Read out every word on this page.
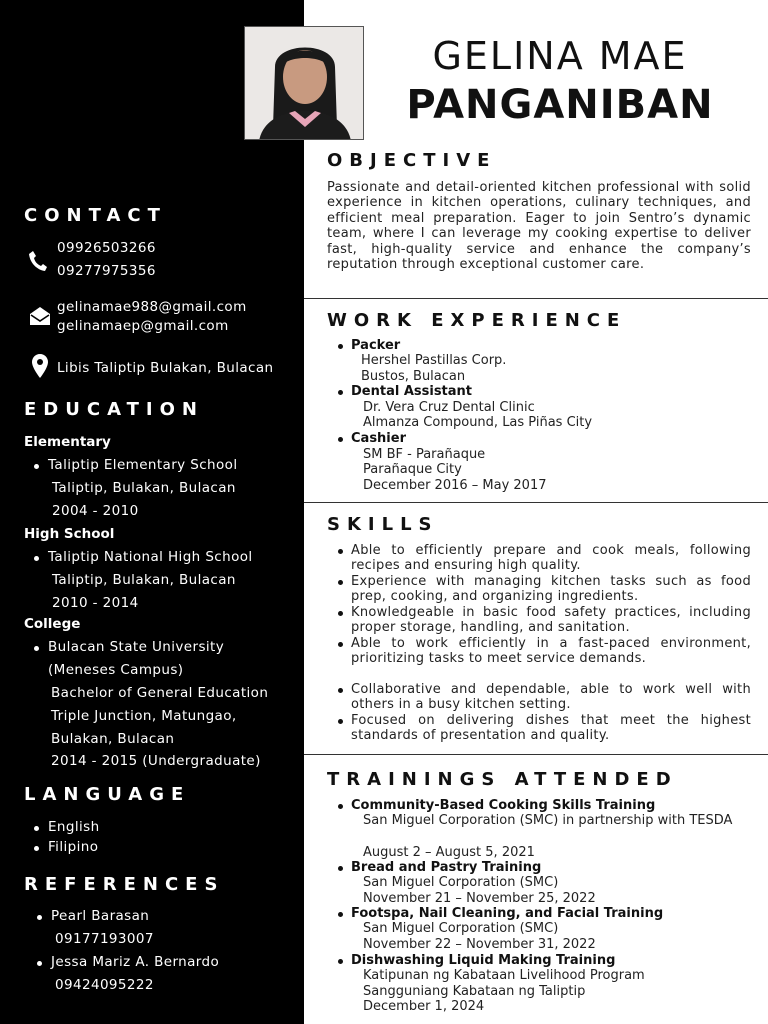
CONTACT
09926503266
09277975356
gelinamae988@gmail.com
gelinamaep@gmail.com
Libis Taliptip Bulakan, Bulacan
EDUCATION
Elementary
Taliptip Elementary School
Taliptip, Bulakan, Bulacan
2004 - 2010
High School
Taliptip National High School
Taliptip, Bulakan, Bulacan
2010 - 2014
College
Bulacan State University
(Meneses Campus)
Bachelor of General Education
Triple Junction, Matungao,
Bulakan, Bulacan
2014 - 2015 (Undergraduate)
LANGUAGE
English
Filipino
REFERENCES
Pearl Barasan
09177193007
Jessa Mariz A. Bernardo
09424095222
GELINA MAE
PANGANIBAN
OBJECTIVE
Passionate and detail-oriented kitchen professional with solid experience in kitchen operations, culinary techniques, and efficient meal preparation. Eager to join Sentro’s dynamic team, where I can leverage my cooking expertise to deliver fast, high-quality service and enhance the company’s reputation through exceptional customer care.
WORK EXPERIENCE
Packer
Hershel Pastillas Corp.
Bustos, Bulacan
Dental Assistant
Dr. Vera Cruz Dental Clinic
Almanza Compound, Las Piñas City
Cashier
SM BF - Parañaque
Parañaque City
December 2016 – May 2017
SKILLS
Able to efficiently prepare and cook meals, following recipes and ensuring high quality.
Experience with managing kitchen tasks such as food prep, cooking, and organizing ingredients.
Knowledgeable in basic food safety practices, including proper storage, handling, and sanitation.
Able to work efficiently in a fast-paced environment, prioritizing tasks to meet service demands.
Collaborative and dependable, able to work well with others in a busy kitchen setting.
Focused on delivering dishes that meet the highest standards of presentation and quality.
TRAININGS ATTENDED
Community-Based Cooking Skills Training
San Miguel Corporation (SMC) in partnership with TESDA
August 2 – August 5, 2021
Bread and Pastry Training
San Miguel Corporation (SMC)
November 21 – November 25, 2022
Footspa, Nail Cleaning, and Facial Training
San Miguel Corporation (SMC)
November 22 – November 31, 2022
Dishwashing Liquid Making Training
Katipunan ng Kabataan Livelihood Program
Sangguniang Kabataan ng Taliptip
December 1, 2024
